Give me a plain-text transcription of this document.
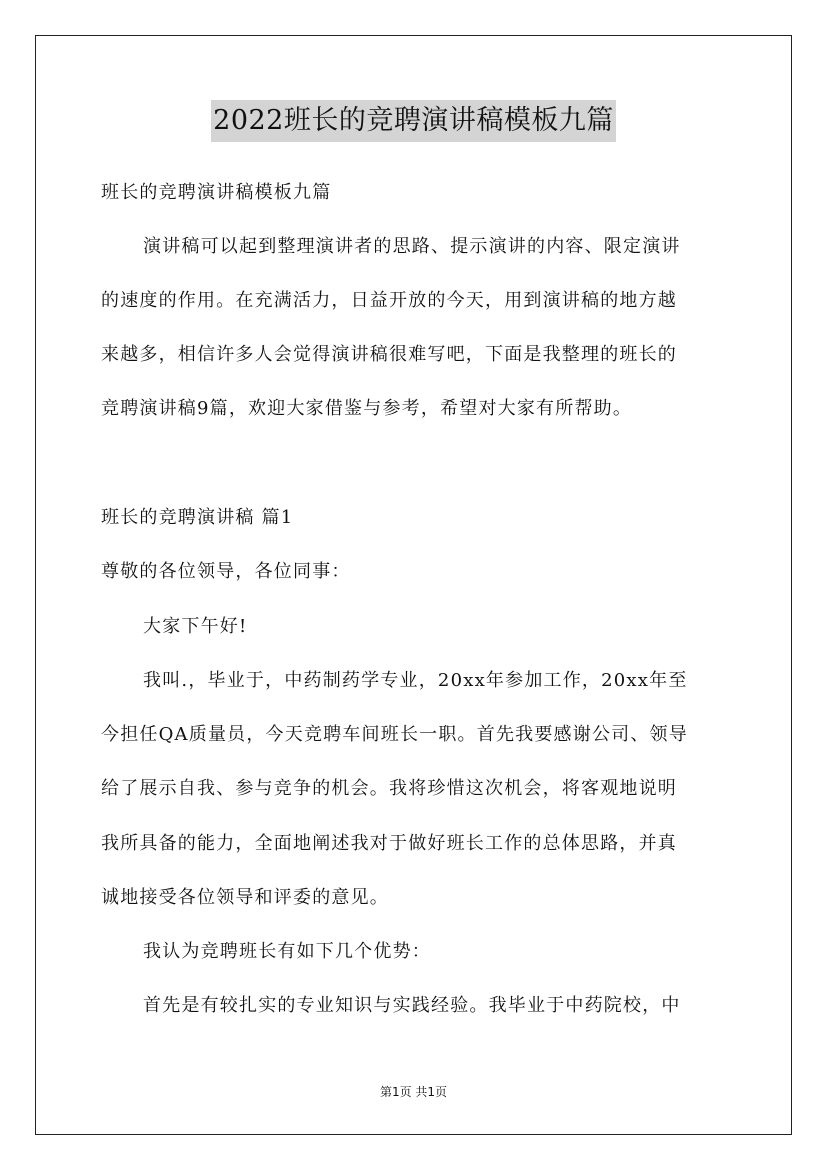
2022班长的竞聘演讲稿模板九篇
班长的竞聘演讲稿模板九篇
演讲稿可以起到整理演讲者的思路、提示演讲的内容、限定演讲
的速度的作用。在充满活力，日益开放的今天，用到演讲稿的地方越
来越多，相信许多人会觉得演讲稿很难写吧，下面是我整理的班长的
竞聘演讲稿9篇，欢迎大家借鉴与参考，希望对大家有所帮助。
班长的竞聘演讲稿 篇1
尊敬的各位领导，各位同事：
大家下午好!
我叫.，毕业于，中药制药学专业，20xx年参加工作，20xx年至
今担任QA质量员，今天竞聘车间班长一职。首先我要感谢公司、领导
给了展示自我、参与竞争的机会。我将珍惜这次机会，将客观地说明
我所具备的能力，全面地阐述我对于做好班长工作的总体思路，并真
诚地接受各位领导和评委的意见。
我认为竞聘班长有如下几个优势：
首先是有较扎实的专业知识与实践经验。我毕业于中药院校，中
第1页 共1页
